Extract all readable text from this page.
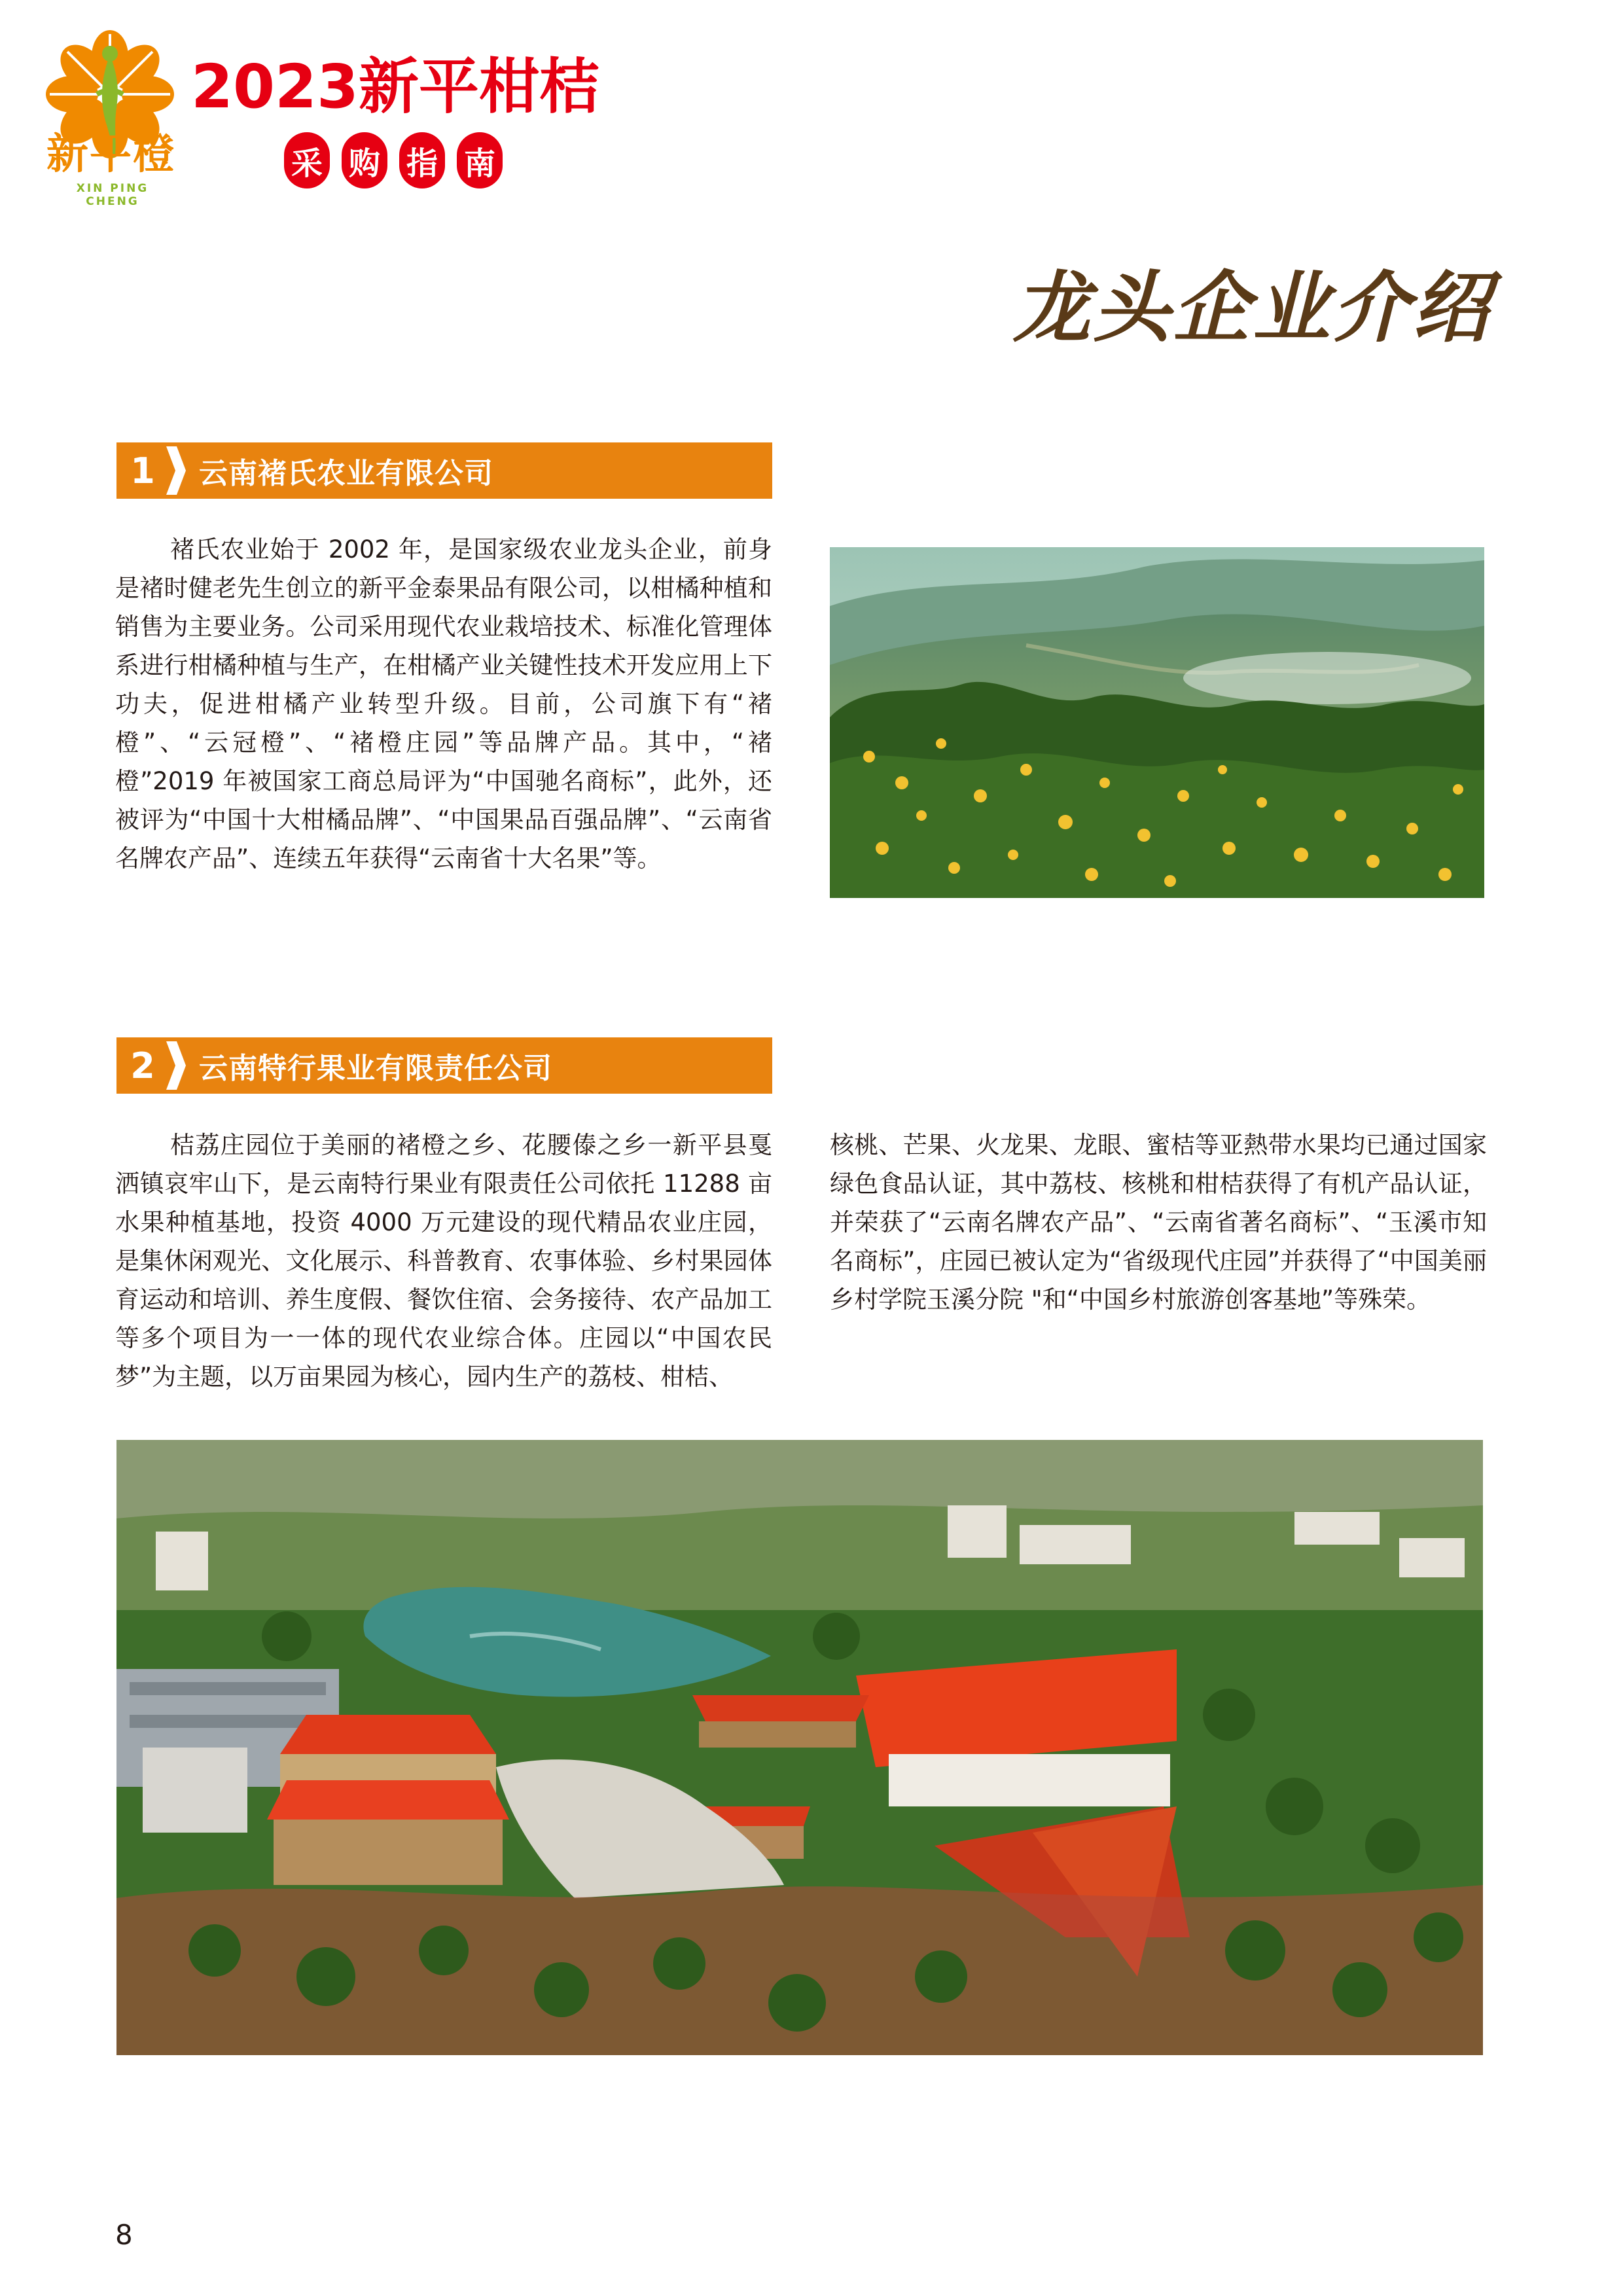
新平橙
XIN PING CHENG
2023新平柑桔
采 购 指 南
龙头企业介绍
1	云南褚氏农业有限公司

褚氏农业始于 2002 年，是国家级农业龙头企业，前身是褚时健老先生创立的新平金泰果品有限公司，以柑橘种植和销售为主要业务。公司采用现代农业栽培技术、标准化管理体系进行柑橘种植与生产，在柑橘产业关键性技术开发应用上下功夫，促进柑橘产业转型升级。目前，公司旗下有“褚橙”、“云冠橙”、“褚橙庄园”等品牌产品。其中，“褚橙”2019 年被国家工商总局评为“中国驰名商标”，此外，还被评为“中国十大柑橘品牌”、“中国果品百强品牌”、“云南省名牌农产品”、连续五年获得“云南省十大名果”等。

2	云南特行果业有限责任公司

桔荔庄园位于美丽的褚橙之乡、花腰傣之乡一新平县戛洒镇哀牢山下，是云南特行果业有限责任公司依托 11288 亩水果种植基地，投资 4000 万元建设的现代精品农业庄园，是集休闲观光、文化展示、科普教育、农事体验、乡村果园体育运动和培训、养生度假、餐饮住宿、会务接待、农产品加工等多个项目为一一体的现代农业综合体。庄园以“中国农民梦”为主题，以万亩果园为核心，园内生产的荔枝、柑桔、

核桃、芒果、火龙果、龙眼、蜜桔等亚熱带水果均已通过国家绿色食品认证，其中荔枝、核桃和柑桔获得了有机产品认证，并荣获了“云南名牌农产品”、“云南省著名商标”、“玉溪市知名商标”，庄园已被认定为“省级现代庄园”并获得了“中国美丽乡村学院玉溪分院 "和“中国乡村旅游创客基地”等殊荣。

8
